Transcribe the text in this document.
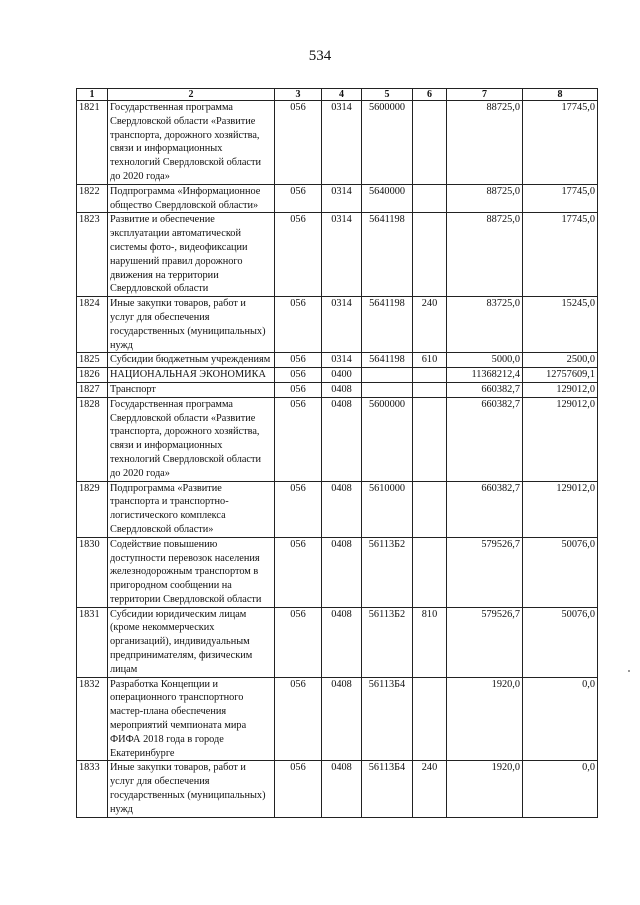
534
1	2	3	4	5	6	7	8
1821	Государственная программа Свердловской области «Развитие транспорта, дорожного хозяйства, связи и информационных технологий Свердловской области до 2020 года»	056	0314	5600000		88725,0	17745,0
1822	Подпрограмма «Информационное общество Свердловской области»	056	0314	5640000		88725,0	17745,0
1823	Развитие и обеспечение эксплуатации автоматической системы фото-, видеофиксации нарушений правил дорожного движения на территории Свердловской области	056	0314	5641198		88725,0	17745,0
1824	Иные закупки товаров, работ и услуг для обеспечения государственных (муниципальных) нужд	056	0314	5641198	240	83725,0	15245,0
1825	Субсидии бюджетным учреждениям	056	0314	5641198	610	5000,0	2500,0
1826	НАЦИОНАЛЬНАЯ ЭКОНОМИКА	056	0400			11368212,4	12757609,1
1827	Транспорт	056	0408			660382,7	129012,0
1828	Государственная программа Свердловской области «Развитие транспорта, дорожного хозяйства, связи и информационных технологий Свердловской области до 2020 года»	056	0408	5600000		660382,7	129012,0
1829	Подпрограмма «Развитие транспорта и транспортно-логистического комплекса Свердловской области»	056	0408	5610000		660382,7	129012,0
1830	Содействие повышению доступности перевозок населения железнодорожным транспортом в пригородном сообщении на территории Свердловской области	056	0408	56113Б2		579526,7	50076,0
1831	Субсидии юридическим лицам (кроме некоммерческих организаций), индивидуальным предпринимателям, физическим лицам	056	0408	56113Б2	810	579526,7	50076,0
1832	Разработка Концепции и операционного транспортного мастер-плана обеспечения мероприятий чемпионата мира ФИФА 2018 года в городе Екатеринбурге	056	0408	56113Б4		1920,0	0,0
1833	Иные закупки товаров, работ и услуг для обеспечения государственных (муниципальных) нужд	056	0408	56113Б4	240	1920,0	0,0
